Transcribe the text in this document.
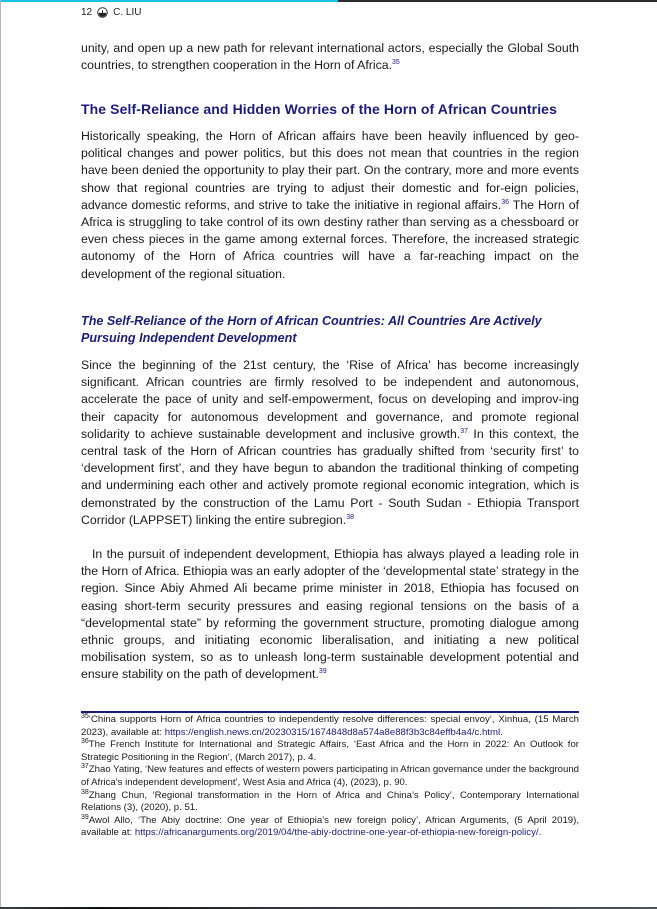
12 C. LIU

unity, and open up a new path for relevant international actors, especially the Global South countries, to strengthen cooperation in the Horn of Africa.$^{35}$

The Self-Reliance and Hidden Worries of the Horn of African Countries

Historically speaking, the Horn of African affairs have been heavily influenced by geo-political changes and power politics, but this does not mean that countries in the region have been denied the opportunity to play their part. On the contrary, more and more events show that regional countries are trying to adjust their domestic and for-eign policies, advance domestic reforms, and strive to take the initiative in regional affairs.$^{36}$ The Horn of Africa is struggling to take control of its own destiny rather than serving as a chessboard or even chess pieces in the game among external forces. Therefore, the increased strategic autonomy of the Horn of Africa countries will have a far-reaching impact on the development of the regional situation.

The Self-Reliance of the Horn of African Countries: All Countries Are Actively Pursuing Independent Development

Since the beginning of the 21st century, the ‘Rise of Africa’ has become increasingly significant. African countries are firmly resolved to be independent and autonomous, accelerate the pace of unity and self-empowerment, focus on developing and improv-ing their capacity for autonomous development and governance, and promote regional solidarity to achieve sustainable development and inclusive growth.$^{37}$ In this context, the central task of the Horn of African countries has gradually shifted from ‘security first’ to ‘development first’, and they have begun to abandon the traditional thinking of competing and undermining each other and actively promote regional economic integration, which is demonstrated by the construction of the Lamu Port - South Sudan - Ethiopia Transport Corridor (LAPPSET) linking the entire subregion.$^{38}$

In the pursuit of independent development, Ethiopia has always played a leading role in the Horn of Africa. Ethiopia was an early adopter of the ‘developmental state’ strategy in the region. Since Abiy Ahmed Ali became prime minister in 2018, Ethiopia has focused on easing short-term security pressures and easing regional tensions on the basis of a “developmental state” by reforming the government structure, promoting dialogue among ethnic groups, and initiating economic liberalisation, and initiating a new political mobilisation system, so as to unleash long-term sustainable development potential and ensure stability on the path of development.$^{39}$

$^{35}$‘China supports Horn of Africa countries to independently resolve differences: special envoy’, Xinhua, (15 March 2023), available at: https://english.news.cn/20230315/1674848d8a574a8e88f3b3c84effb4a4/c.html.

$^{36}$The French Institute for International and Strategic Affairs, ‘East Africa and the Horn in 2022: An Outlook for Strategic Positioning in the Region’, (March 2017), p. 4.

$^{37}$Zhao Yating, ‘New features and effects of western powers participating in African governance under the background of Africa’s independent development’, West Asia and Africa (4), (2023), p. 90.

$^{38}$Zhang Chun, ‘Regional transformation in the Horn of Africa and China’s Policy’, Contemporary International Relations (3), (2020), p. 51.

$^{39}$Awol Allo, ‘The Abiy doctrine: One year of Ethiopia’s new foreign policy’, African Arguments, (5 April 2019), available at: https://africanarguments.org/2019/04/the-abiy-doctrine-one-year-of-ethiopia-new-foreign-policy/.
